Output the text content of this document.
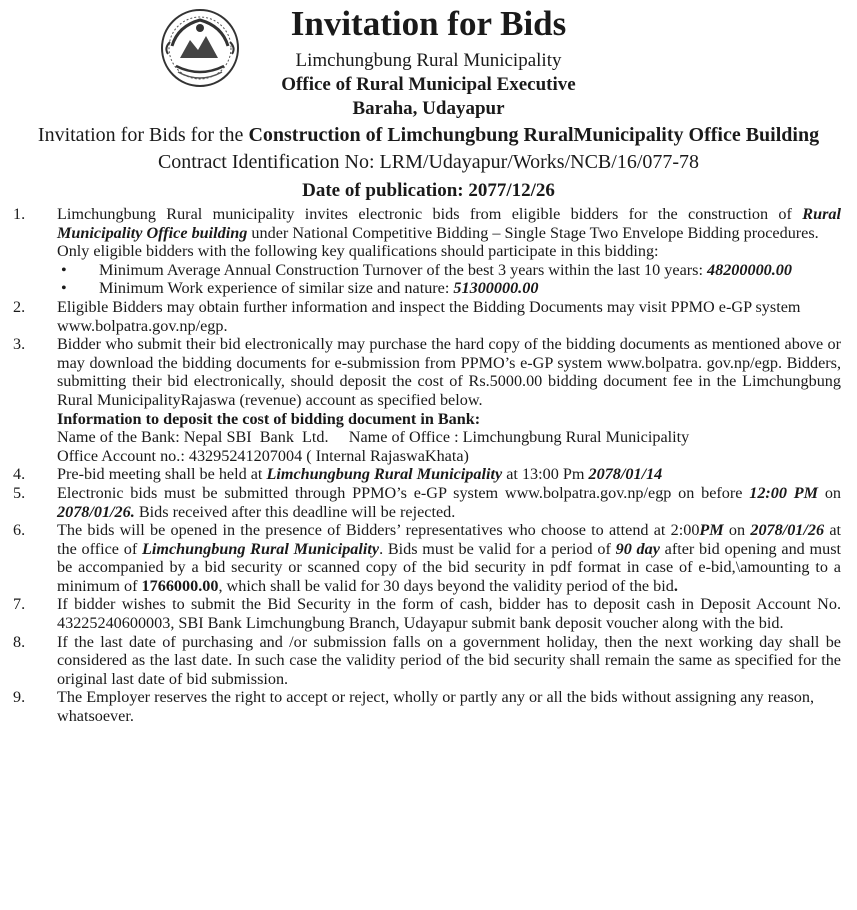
Invitation for Bids
Limchungbung Rural Municipality
Office of Rural Municipal Executive
Baraha, Udayapur
Invitation for Bids for the Construction of Limchungbung RuralMunicipality Office Building
Contract Identification No: LRM/Udayapur/Works/NCB/16/077-78
Date of publication: 2077/12/26
1. Limchungbung Rural municipality invites electronic bids from eligible bidders for the construction of Rural Municipality Office building under National Competitive Bidding – Single Stage Two Envelope Bidding procedures.

Only eligible bidders with the following key qualifications should participate in this bidding:

• Minimum Average Annual Construction Turnover of the best 3 years within the last 10 years: 48200000.00
• Minimum Work experience of similar size and nature: 51300000.00
2. Eligible Bidders may obtain further information and inspect the Bidding Documents may visit PPMO e-GP system www.bolpatra.gov.np/egp.

3. Bidder who submit their bid electronically may purchase the hard copy of the bidding documents as mentioned above or may download the bidding documents for e-submission from PPMO’s e-GP system www.bolpatra. gov.np/egp. Bidders, submitting their bid electronically, should deposit the cost of Rs.5000.00 bidding document fee in the Limchungbung Rural MunicipalityRajaswa (revenue) account as specified below.

Information to deposit the cost of bidding document in Bank:

Name of the Bank: Nepal SBI  Bank  Ltd.     Name of Office : Limchungbung Rural Municipality

Office Account no.: 43295241207004 ( Internal RajaswaKhata)

4. Pre-bid meeting shall be held at Limchungbung Rural Municipality at 13:00 Pm 2078/01/14

5. Electronic bids must be submitted through PPMO’s e-GP system www.bolpatra.gov.np/egp on before 12:00 PM on 2078/01/26. Bids received after this deadline will be rejected.

6. The bids will be opened in the presence of Bidders’ representatives who choose to attend at 2:00PM on 2078/01/26 at the office of Limchungbung Rural Municipality. Bids must be valid for a period of 90 day after bid opening and must be accompanied by a bid security or scanned copy of the bid security in pdf format in case of e-bid,\amounting to a minimum of 1766000.00, which shall be valid for 30 days beyond the validity period of the bid.

7. If bidder wishes to submit the Bid Security in the form of cash, bidder has to deposit cash in Deposit Account No. 43225240600003, SBI Bank Limchungbung Branch, Udayapur submit bank deposit voucher along with the bid.

8. If the last date of purchasing and /or submission falls on a government holiday, then the next working day shall be considered as the last date. In such case the validity period of the bid security shall remain the same as specified for the original last date of bid submission.

9. The Employer reserves the right to accept or reject, wholly or partly any or all the bids without assigning any reason, whatsoever.
